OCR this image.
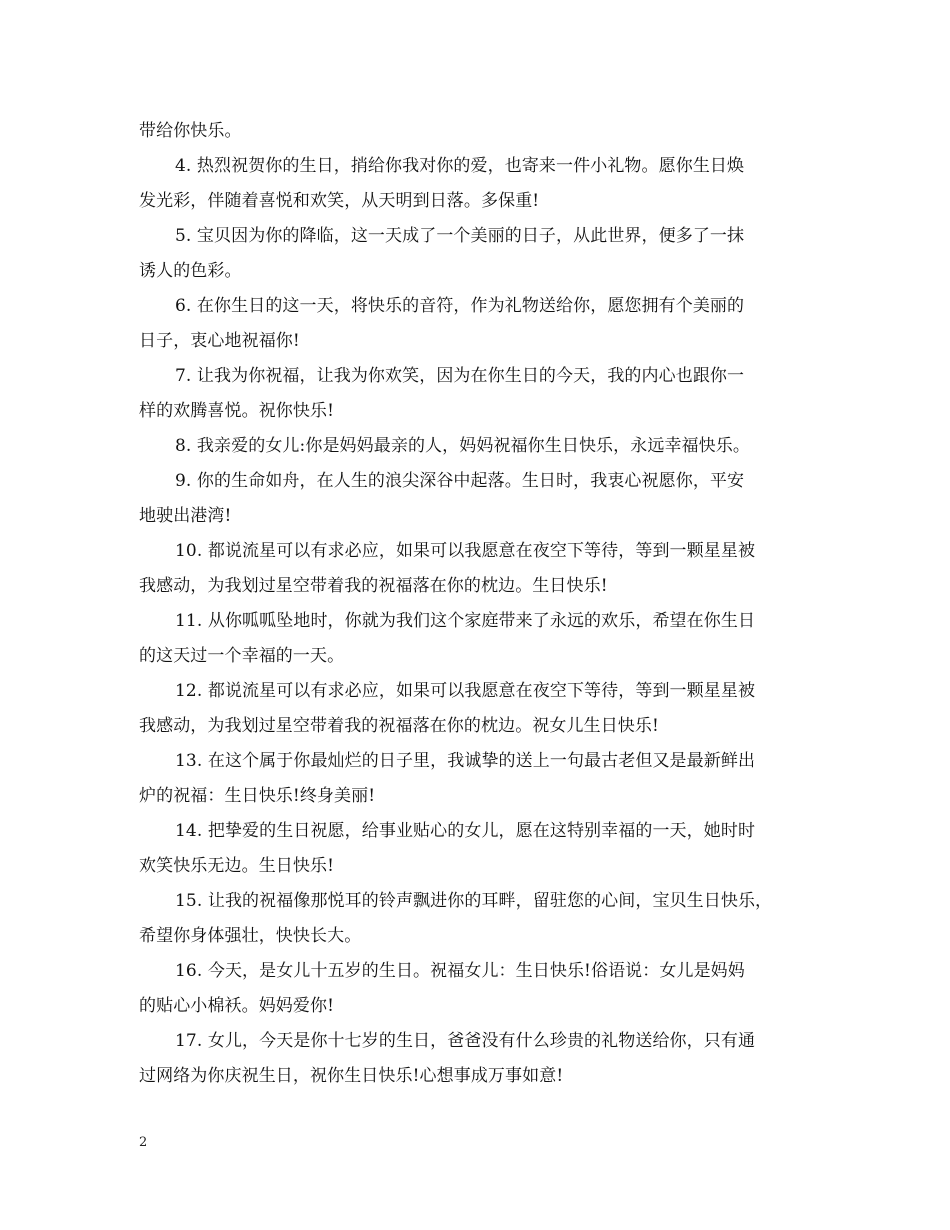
带给你快乐。
4. 热烈祝贺你的生日，捎给你我对你的爱，也寄来一件小礼物。愿你生日焕
发光彩，伴随着喜悦和欢笑，从天明到日落。多保重!
5. 宝贝因为你的降临，这一天成了一个美丽的日子，从此世界，便多了一抹
诱人的色彩。
6. 在你生日的这一天，将快乐的音符，作为礼物送给你，愿您拥有个美丽的
日子，衷心地祝福你!
7. 让我为你祝福，让我为你欢笑，因为在你生日的今天，我的内心也跟你一
样的欢腾喜悦。祝你快乐!
8. 我亲爱的女儿:你是妈妈最亲的人，妈妈祝福你生日快乐，永远幸福快乐。
9. 你的生命如舟，在人生的浪尖深谷中起落。生日时，我衷心祝愿你，平安
地驶出港湾!
10. 都说流星可以有求必应，如果可以我愿意在夜空下等待，等到一颗星星被
我感动，为我划过星空带着我的祝福落在你的枕边。生日快乐!
11. 从你呱呱坠地时，你就为我们这个家庭带来了永远的欢乐，希望在你生日
的这天过一个幸福的一天。
12. 都说流星可以有求必应，如果可以我愿意在夜空下等待，等到一颗星星被
我感动，为我划过星空带着我的祝福落在你的枕边。祝女儿生日快乐!
13. 在这个属于你最灿烂的日子里，我诚挚的送上一句最古老但又是最新鲜出
炉的祝福：生日快乐!终身美丽!
14. 把挚爱的生日祝愿，给事业贴心的女儿，愿在这特别幸福的一天，她时时
欢笑快乐无边。生日快乐!
15. 让我的祝福像那悦耳的铃声飘进你的耳畔，留驻您的心间，宝贝生日快乐，
希望你身体强壮，快快长大。
16. 今天，是女儿十五岁的生日。祝福女儿：生日快乐!俗语说：女儿是妈妈
的贴心小棉袄。妈妈爱你!
17. 女儿，今天是你十七岁的生日，爸爸没有什么珍贵的礼物送给你，只有通
过网络为你庆祝生日，祝你生日快乐!心想事成万事如意!
2
